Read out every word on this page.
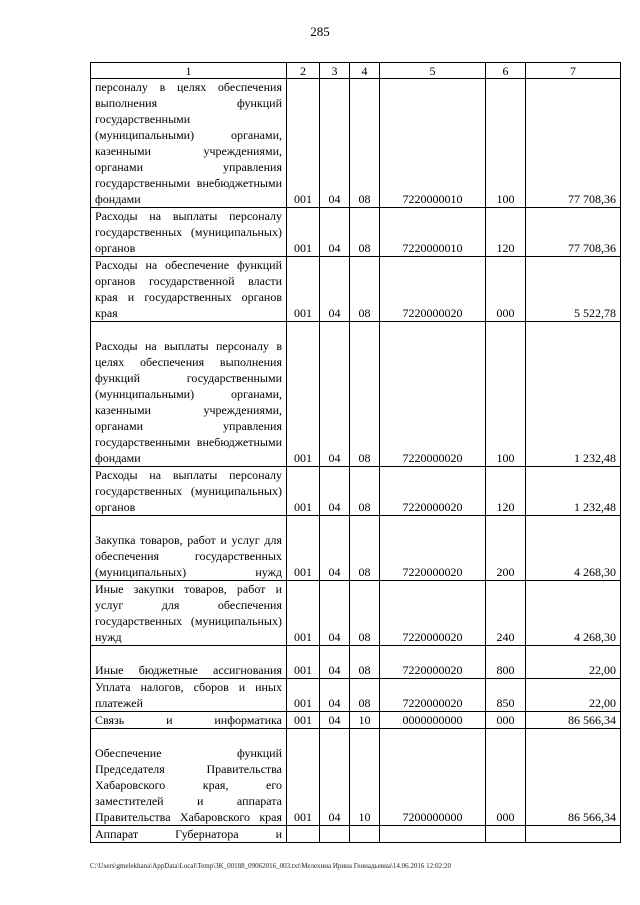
285
1	2	3	4	5	6	7
персоналу в целях обеспечения выполнения функций государственными (муниципальными) органами, казенными учреждениями, органами управления государственными внебюджетными фондами	001	04	08	7220000010	100	77 708,36
Расходы на выплаты персоналу государственных (муниципальных) органов	001	04	08	7220000010	120	77 708,36
Расходы на обеспечение функций органов государственной власти края и государственных органов края	001	04	08	7220000020	000	5 522,78
Расходы на выплаты персоналу в целях обеспечения выполнения функций государственными (муниципальными) органами, казенными учреждениями, органами управления государственными внебюджетными фондами	001	04	08	7220000020	100	1 232,48
Расходы на выплаты персоналу государственных (муниципальных) органов	001	04	08	7220000020	120	1 232,48
Закупка товаров, работ и услуг для обеспечения государственных (муниципальных) нужд	001	04	08	7220000020	200	4 268,30
Иные закупки товаров, работ и услуг для обеспечения государственных (муниципальных) нужд	001	04	08	7220000020	240	4 268,30
Иные бюджетные ассигнования	001	04	08	7220000020	800	22,00
Уплата налогов, сборов и иных платежей	001	04	08	7220000020	850	22,00
Связь и информатика	001	04	10	0000000000	000	86 566,34
Обеспечение функций Председателя Правительства Хабаровского края, его заместителей и аппарата Правительства Хабаровского края	001	04	10	7200000000	000	86 566,34
Аппарат Губернатора и						
C:\Users\gmelekhana\AppData\Local\Temp\3K_00188_09062016_003.txt\Мелехина Ирина Геннадьевна\14.06.2016 12:02:20
